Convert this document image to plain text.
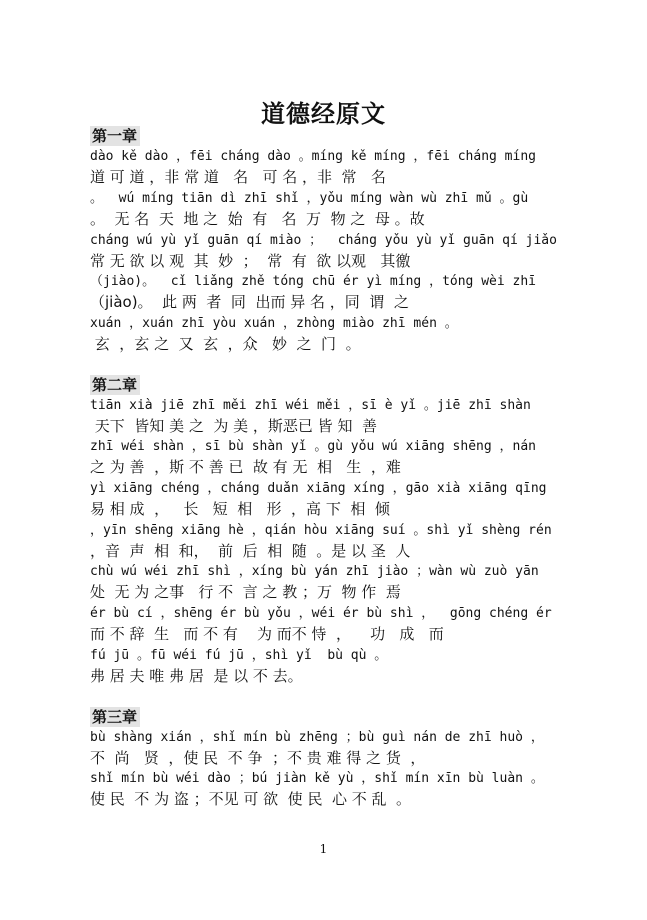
道德经原文
第一章
dào kě dào ，fēi cháng dào 。míng kě míng ，fēi cháng míng
道 可 道 ，非 常 道   名   可 名 ，非  常   名
。  wú míng tiān dì zhī shǐ ，yǒu míng wàn wù zhī mǔ 。gù
。  无 名  天  地 之  始  有   名  万  物 之  母 。故
cháng wú yù yǐ guān qí miào ；  cháng yǒu yù yǐ guān qí jiǎo
常 无 欲 以 观  其  妙  ；  常  有  欲 以观   其徼
（jiào)。  cǐ liǎng zhě tóng chū ér yì míng ，tóng wèi zhī
（jiào)。  此 两  者  同  出而 异 名 ，同  谓  之
xuán ，xuán zhī yòu xuán ，zhòng miào zhī mén 。
玄  ，玄 之  又  玄  ，众   妙  之  门  。
第二章
tiān xià jiē zhī měi zhī wéi měi ，sī è yǐ 。jiē zhī shàn
天下  皆知 美 之  为 美 ，斯恶已 皆 知  善
zhī wéi shàn ，sī bù shàn yǐ 。gù yǒu wú xiāng shēng ，nán
之 为 善  ，斯 不 善 已  故 有 无  相   生  ，难
yì xiāng chéng ，cháng duǎn xiāng xíng ，gāo xià xiāng qīng
易 相 成  ，   长   短  相   形  ，高 下  相  倾
，yīn shēng xiāng hè ，qián hòu xiāng suí 。shì yǐ shèng rén
，音  声  相  和，  前  后  相  随  。是 以 圣  人
chù wú wéi zhī shì ，xíng bù yán zhī jiào ；wàn wù zuò yān
处  无 为 之事   行 不  言 之 教 ；万  物 作  焉
ér bù cí ，shēng ér bù yǒu ，wéi ér bù shì ，  gōng chéng ér
而 不 辞  生   而 不 有    为 而不 恃  ，    功   成   而
fú jū 。fū wéi fú jū ，shì yǐ  bù qù 。
弗 居 夫 唯 弗 居  是 以 不 去。
第三章
bù shàng xián ，shǐ mín bù zhēng ；bù guì nán de zhī huò ，
不  尚   贤  ，使 民  不 争  ；不 贵 难 得 之 货  ，
shǐ mín bù wéi dào ；bú jiàn kě yù ，shǐ mín xīn bù luàn 。
使 民  不 为 盗 ；不见 可 欲  使 民  心 不 乱  。
1
